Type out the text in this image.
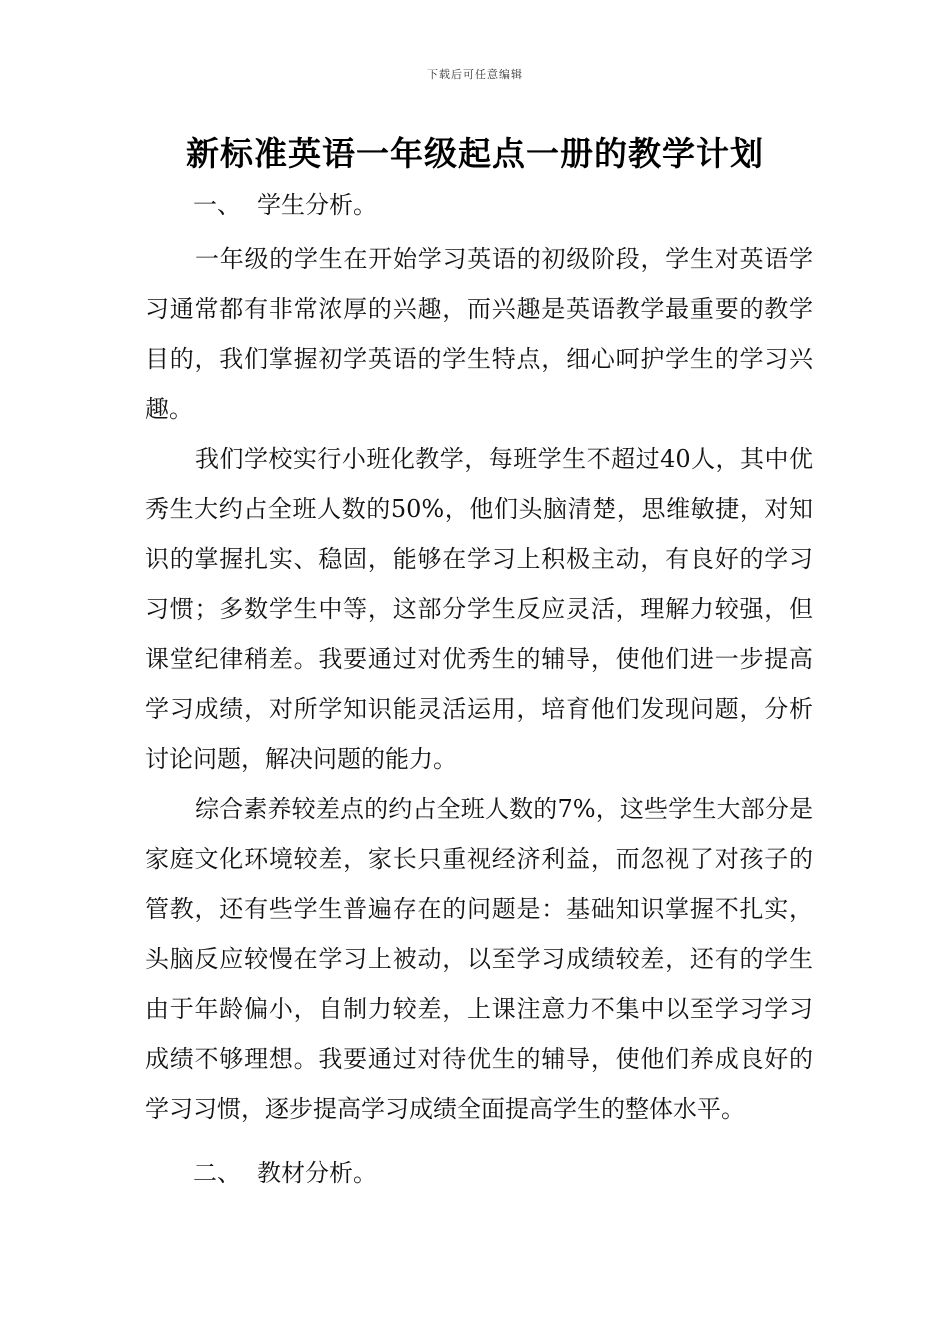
下载后可任意编辑
新标准英语一年级起点一册的教学计划
一、 学生分析。

一年级的学生在开始学习英语的初级阶段，学生对英语学习通常都有非常浓厚的兴趣，而兴趣是英语教学最重要的教学目的，我们掌握初学英语的学生特点，细心呵护学生的学习兴趣。

我们学校实行小班化教学，每班学生不超过40人，其中优秀生大约占全班人数的50%，他们头脑清楚，思维敏捷，对知识的掌握扎实、稳固，能够在学习上积极主动，有良好的学习习惯；多数学生中等，这部分学生反应灵活，理解力较强，但课堂纪律稍差。我要通过对优秀生的辅导，使他们进一步提高学习成绩，对所学知识能灵活运用，培育他们发现问题，分析讨论问题，解决问题的能力。

综合素养较差点的约占全班人数的7%，这些学生大部分是家庭文化环境较差，家长只重视经济利益，而忽视了对孩子的管教，还有些学生普遍存在的问题是：基础知识掌握不扎实，头脑反应较慢在学习上被动，以至学习成绩较差，还有的学生由于年龄偏小，自制力较差，上课注意力不集中以至学习学习成绩不够理想。我要通过对待优生的辅导，使他们养成良好的学习习惯，逐步提高学习成绩全面提高学生的整体水平。

二、 教材分析。
